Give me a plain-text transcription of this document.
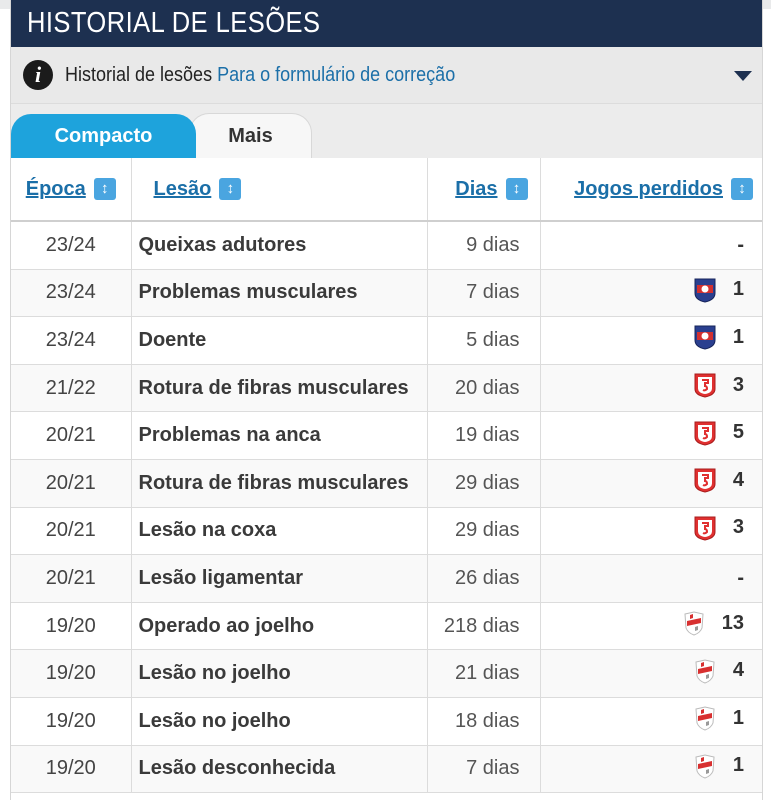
HISTORIAL DE LESÕES
i	Historial de lesões Para o formulário de correção
Mais
Compacto
Época ↕	Lesão ↕	Dias ↕	Jogos perdidos ↕
23/24	Queixas adutores	9 dias	-

23/24	Problemas musculares	7 dias	1

23/24	Doente	5 dias	1

21/22	Rotura de fibras musculares	20 dias	3

20/21	Problemas na anca	19 dias	5

20/21	Rotura de fibras musculares	29 dias	4

20/21	Lesão na coxa	29 dias	3

20/21	Lesão ligamentar	26 dias	-

19/20	Operado ao joelho	218 dias	13

19/20	Lesão no joelho	21 dias	4

19/20	Lesão no joelho	18 dias	1

19/20	Lesão desconhecida	7 dias	1
